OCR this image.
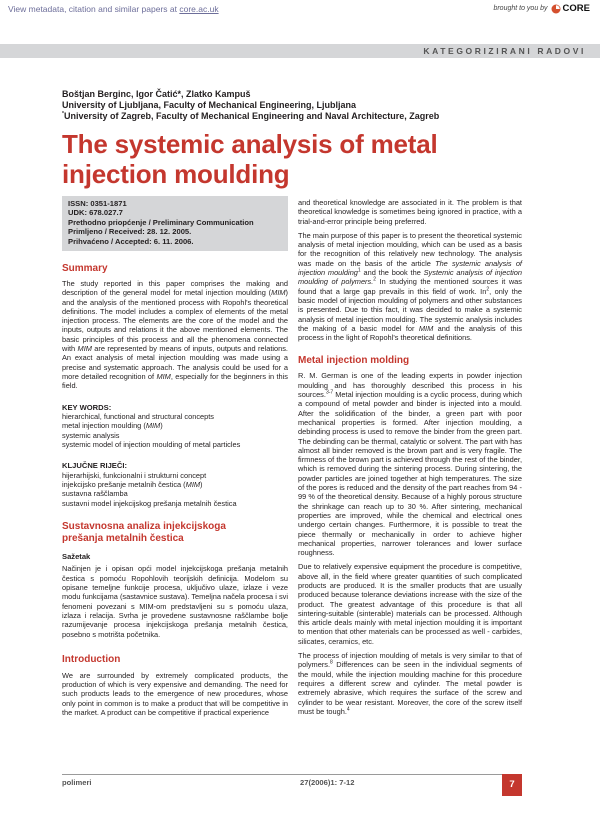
View metadata, citation and similar papers at core.ac.uk	brought to you by CORE
KATEGORIZIRANI RADOVI
Boštjan Berginc, Igor Čatić*, Zlatko Kampuš
University of Ljubljana, Faculty of Mechanical Engineering, Ljubljana
*University of Zagreb, Faculty of Mechanical Engineering and Naval Architecture, Zagreb
The systemic analysis of metal injection moulding
ISSN: 0351-1871
UDK: 678.027.7
Prethodno priopćenje / Preliminary Communication
Primljeno / Received: 28. 12. 2005.
Prihvaćeno / Accepted: 6. 11. 2006.
Summary

The study reported in this paper comprises the making and description of the general model for metal injection moulding (MIM) and the analysis of the mentioned process with Ropohl's theoretical definitions. The model includes a complex of elements of the metal injection process. The elements are the core of the model and the inputs, outputs and relations it the above mentioned elements. The basic principles of this process and all the phenomena connected with MIM are represented by means of inputs, outputs and relations. An exact analysis of metal injection moulding was made using a precise and systematic approach. The analysis could be used for a more detailed recognition of MIM, especially for the beginners in this field.

KEY WORDS:
hierarchical, functional and structural concepts
metal injection moulding (MIM)
systemic analysis
systemic model of injection moulding of metal particles
KLJUČNE RIJEČI:
hijerarhijski, funkcionalni i strukturni concept
injekcijsko prešanje metalnih čestica (MIM)
sustavna raščlamba
sustavni model injekcijskog prešanja metalnih čestica
Sustavnosna analiza injekcijskoga
prešanja metalnih čestica
Sažetak

Načinjen je i opisan opći model injekcijskoga prešanja metalnih čestica s pomoću Ropohlovih teorijskih definicija. Modelom su opisane temeljne funkcije procesa, uključivo ulaze, izlaze i veze modu funkcijama (sastavnice sustava). Temeljna načela procesa i svi fenomeni povezani s MIM-om predstavljeni su s pomoću ulaza, izlaza i relacija. Svrha je provedene sustavnosne raščlambe bolje razumijevanje procesa injekcijskoga prešanja metalnih čestica, posebno s motrišta početnika.

Introduction

We are surrounded by extremely complicated products, the production of which is very expensive and demanding. The need for such products leads to the emergence of new procedures, whose only point in common is to make a product that will be competitive in the market. A product can be competitive if practical experience

and theoretical knowledge are associated in it. The problem is that theoretical knowledge is sometimes being ignored in practice, with a trial-and-error principle being preferred.

The main purpose of this paper is to present the theoretical systemic analysis of metal injection moulding, which can be used as a basis for the recognition of this relatively new technology. The analysis was made on the basis of the article The systemic analysis of injection moulding$^1$ and the book the Systemic analysis of injection moulding of polymers.$^2$ In studying the mentioned sources it was found that a large gap prevails in this field of work. In$^2$, only the basic model of injection moulding of polymers and other substances is presented. Due to this fact, it was decided to make a systemic analysis of metal injection moulding. The systemic analysis includes the making of a basic model for MIM and the analysis of this process in the light of Ropohl's theoretical definitions.

Metal injection molding

R. M. German is one of the leading experts in powder injection moulding and has thoroughly described this process in his sources.$^{3-7}$ Metal injection moulding is a cyclic process, during which a compound of metal powder and binder is injected into a mould. After the solidification of the binder, a green part with poor mechanical properties is formed. After injection moulding, a debinding process is used to remove the binder from the green part. The debinding can be thermal, catalytic or solvent. The part with has almost all binder removed is the brown part and is very fragile. The firmness of the brown part is achieved through the rest of the binder, which is removed during the sintering process. During sintering, the powder particles are joined together at high temperatures. The size of the pores is reduced and the density of the part reaches from 94 - 99 % of the theoretical density. Because of a highly porous structure the shrinkage can reach up to 30 %. After sintering, mechanical properties are improved, while the chemical and electrical ones undergo certain changes. Furthermore, it is possible to treat the piece thermally or mechanically in order to achieve higher mechanical properties, narrower tolerances and lower surface roughness.

Due to relatively expensive equipment the procedure is competitive, above all, in the field where greater quantities of such complicated products are produced. It is the smaller products that are usually produced because tolerance deviations increase with the size of the product. The greatest advantage of this procedure is that all sintering-suitable (sinterable) materials can be processed. Although this article deals mainly with metal injection moulding it is important to mention that other materials can be processed as well - carbides, silicates, ceramics, etc.

The process of injection moulding of metals is very similar to that of polymers.$^8$ Differences can be seen in the individual segments of the mould, while the injection moulding machine for this procedure requires a different screw and cylinder. The metal powder is extremely abrasive, which requires the surface of the screw and cylinder to be wear resistant. Moreover, the core of the screw itself must be tough.$^4$

polimeri	27(2006)1: 7-12	7
